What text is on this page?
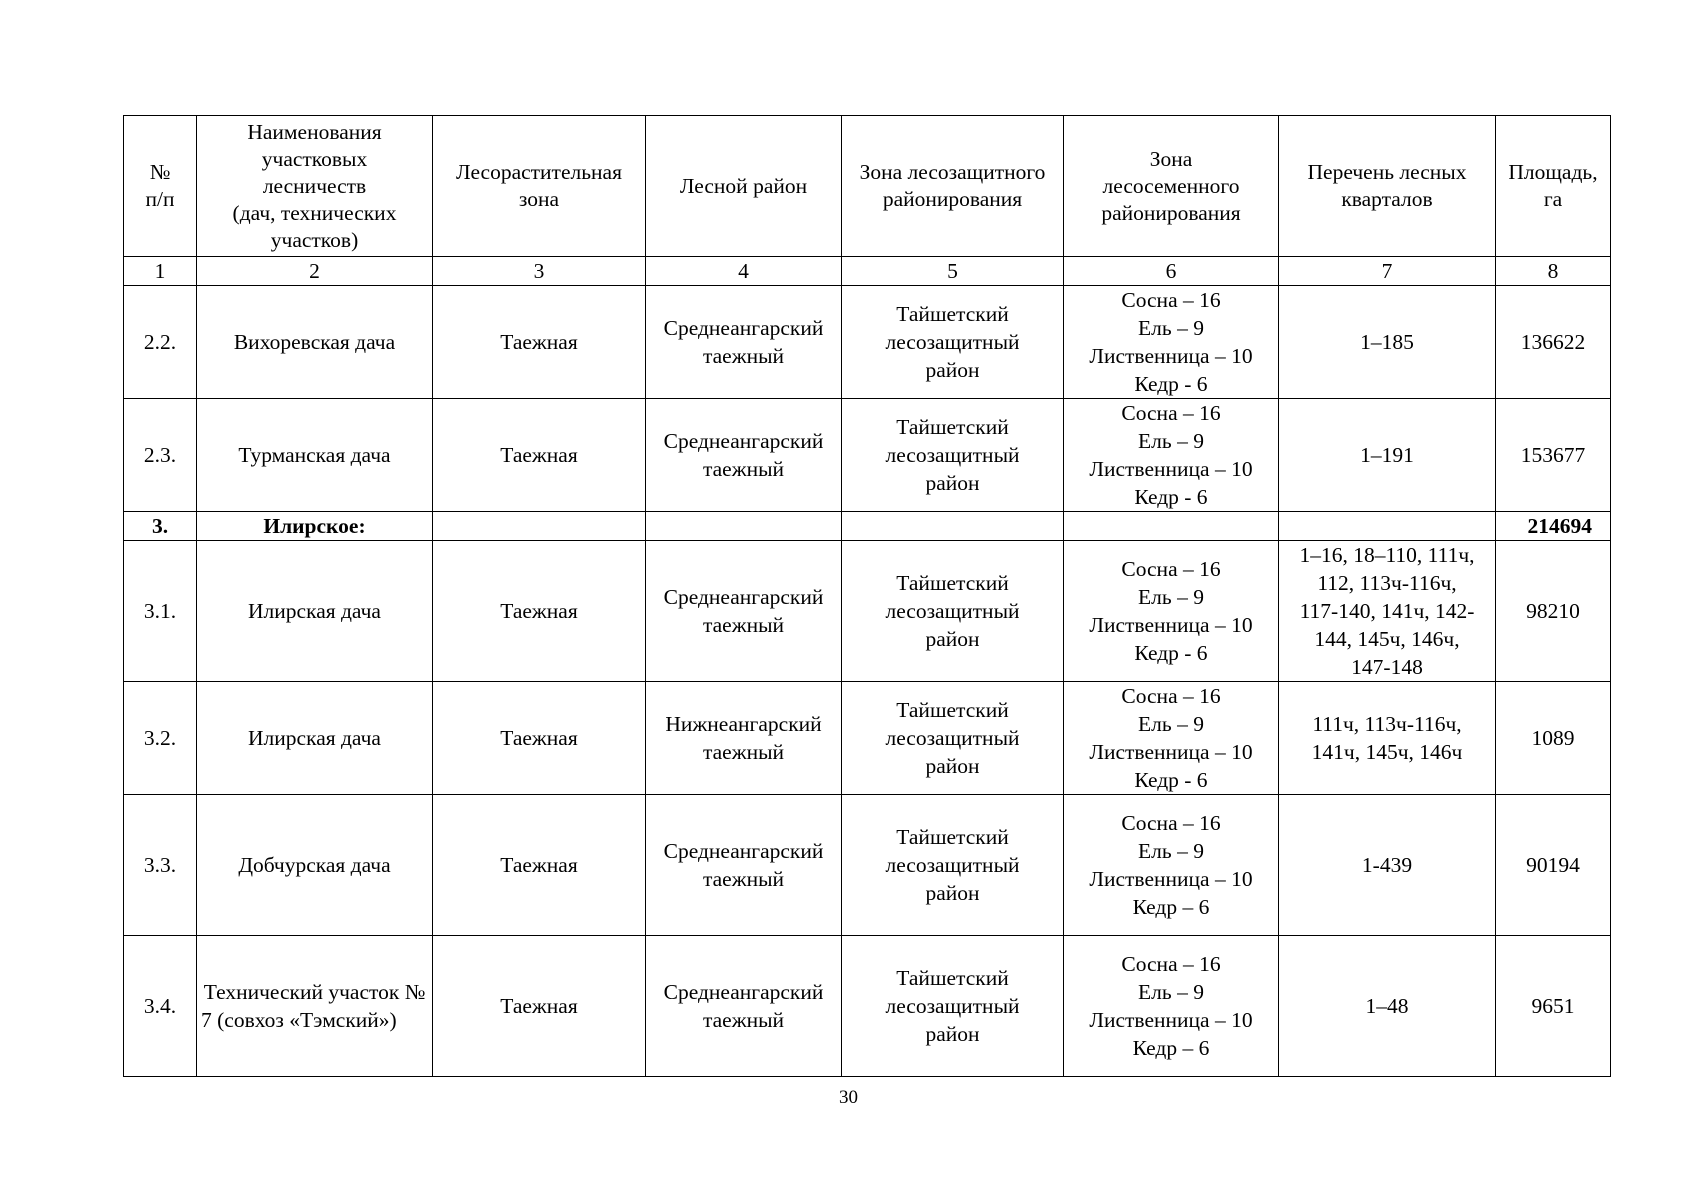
№
п/п	Наименования
участковых
лесничеств
(дач, технических
участков)	Лесорастительная
зона	Лесной район	Зона лесозащитного
районирования	Зона
лесосеменного
районирования	Перечень лесных
кварталов	Площадь,
га

1	2	3	4	5	6	7	8
2.2.	Вихоревская дача	Таежная	Среднеангарский
таежный	Тайшетский
лесозащитный
район	Сосна – 16
Ель – 9
Лиственница – 10
Кедр - 6	1–185	136622
2.3.	Турманская дача	Таежная	Среднеангарский
таежный	Тайшетский
лесозащитный
район	Сосна – 16
Ель – 9
Лиственница – 10
Кедр - 6	1–191	153677
3.	Илирское:						214694
3.1.	Илирская дача	Таежная	Среднеангарский
таежный	Тайшетский
лесозащитный
район	Сосна – 16
Ель – 9
Лиственница – 10
Кедр - 6	1–16, 18–110, 111ч,
112, 113ч-116ч,
117-140, 141ч, 142-
144, 145ч, 146ч,
147-148	98210
3.2.	Илирская дача	Таежная	Нижнеангарский
таежный	Тайшетский
лесозащитный
район	Сосна – 16
Ель – 9
Лиственница – 10
Кедр - 6	111ч, 113ч-116ч,
141ч, 145ч, 146ч	1089
3.3.	Добчурская дача	Таежная	Среднеангарский
таежный	Тайшетский
лесозащитный
район	Сосна – 16
Ель – 9
Лиственница – 10
Кедр – 6	1-439	90194
3.4.	Технический участок № 7 (совхоз «Тэмский»)	Таежная	Среднеангарский
таежный	Тайшетский
лесозащитный
район	Сосна – 16
Ель – 9
Лиственница – 10
Кедр – 6	1–48	9651
30
